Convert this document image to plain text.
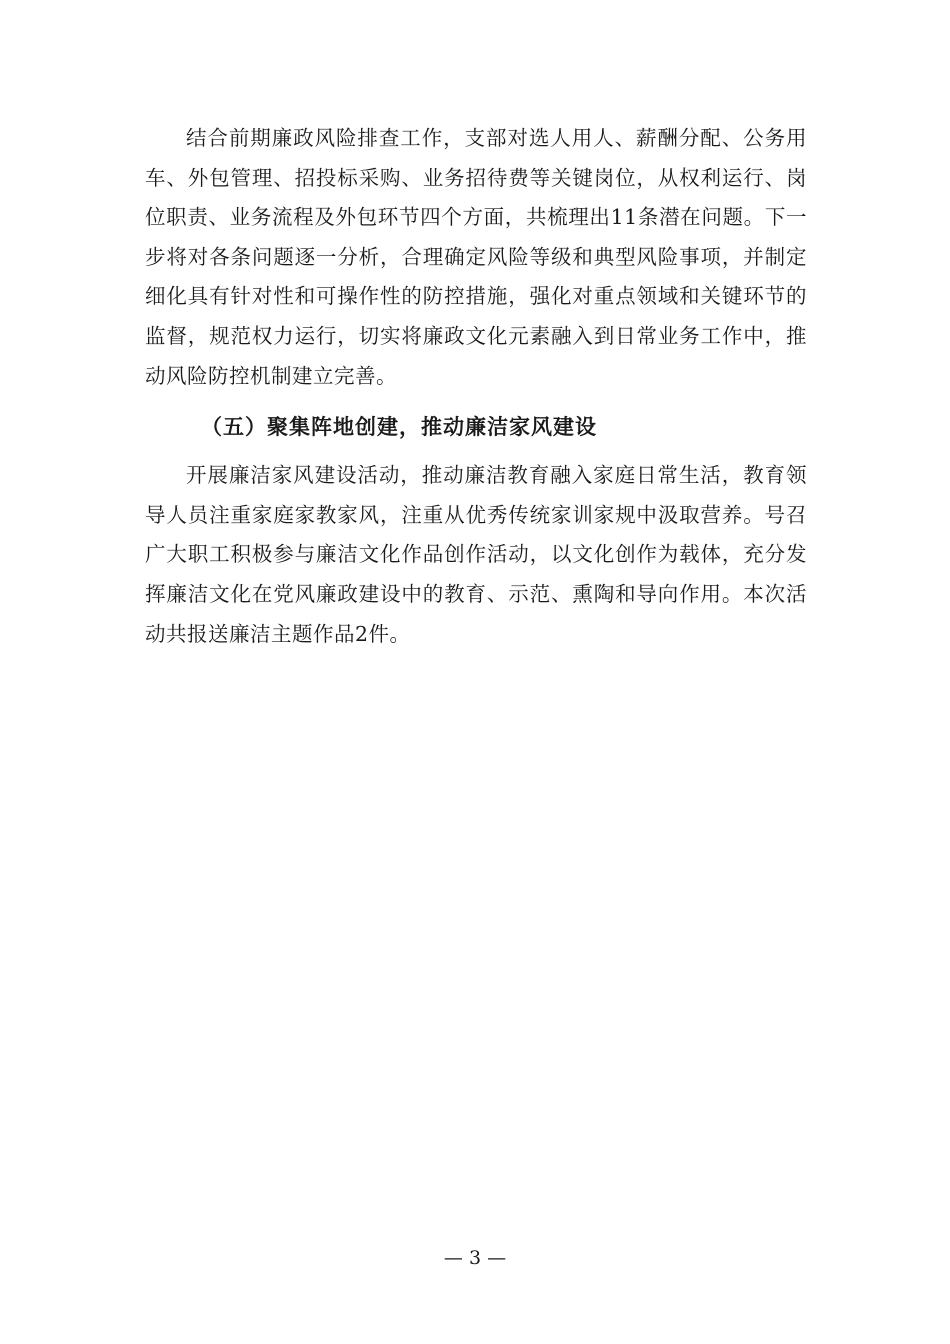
结合前期廉政风险排查工作，支部对选人用人、薪酬分配、公务用车、外包管理、招投标采购、业务招待费等关键岗位，从权利运行、岗位职责、业务流程及外包环节四个方面，共梳理出11条潜在问题。下一步将对各条问题逐一分析，合理确定风险等级和典型风险事项，并制定细化具有针对性和可操作性的防控措施，强化对重点领域和关键环节的监督，规范权力运行，切实将廉政文化元素融入到日常业务工作中，推动风险防控机制建立完善。

（五）聚集阵地创建，推动廉洁家风建设

开展廉洁家风建设活动，推动廉洁教育融入家庭日常生活，教育领导人员注重家庭家教家风，注重从优秀传统家训家规中汲取营养。号召广大职工积极参与廉洁文化作品创作活动，以文化创作为载体，充分发挥廉洁文化在党风廉政建设中的教育、示范、熏陶和导向作用。本次活动共报送廉洁主题作品2件。

— 3 —
